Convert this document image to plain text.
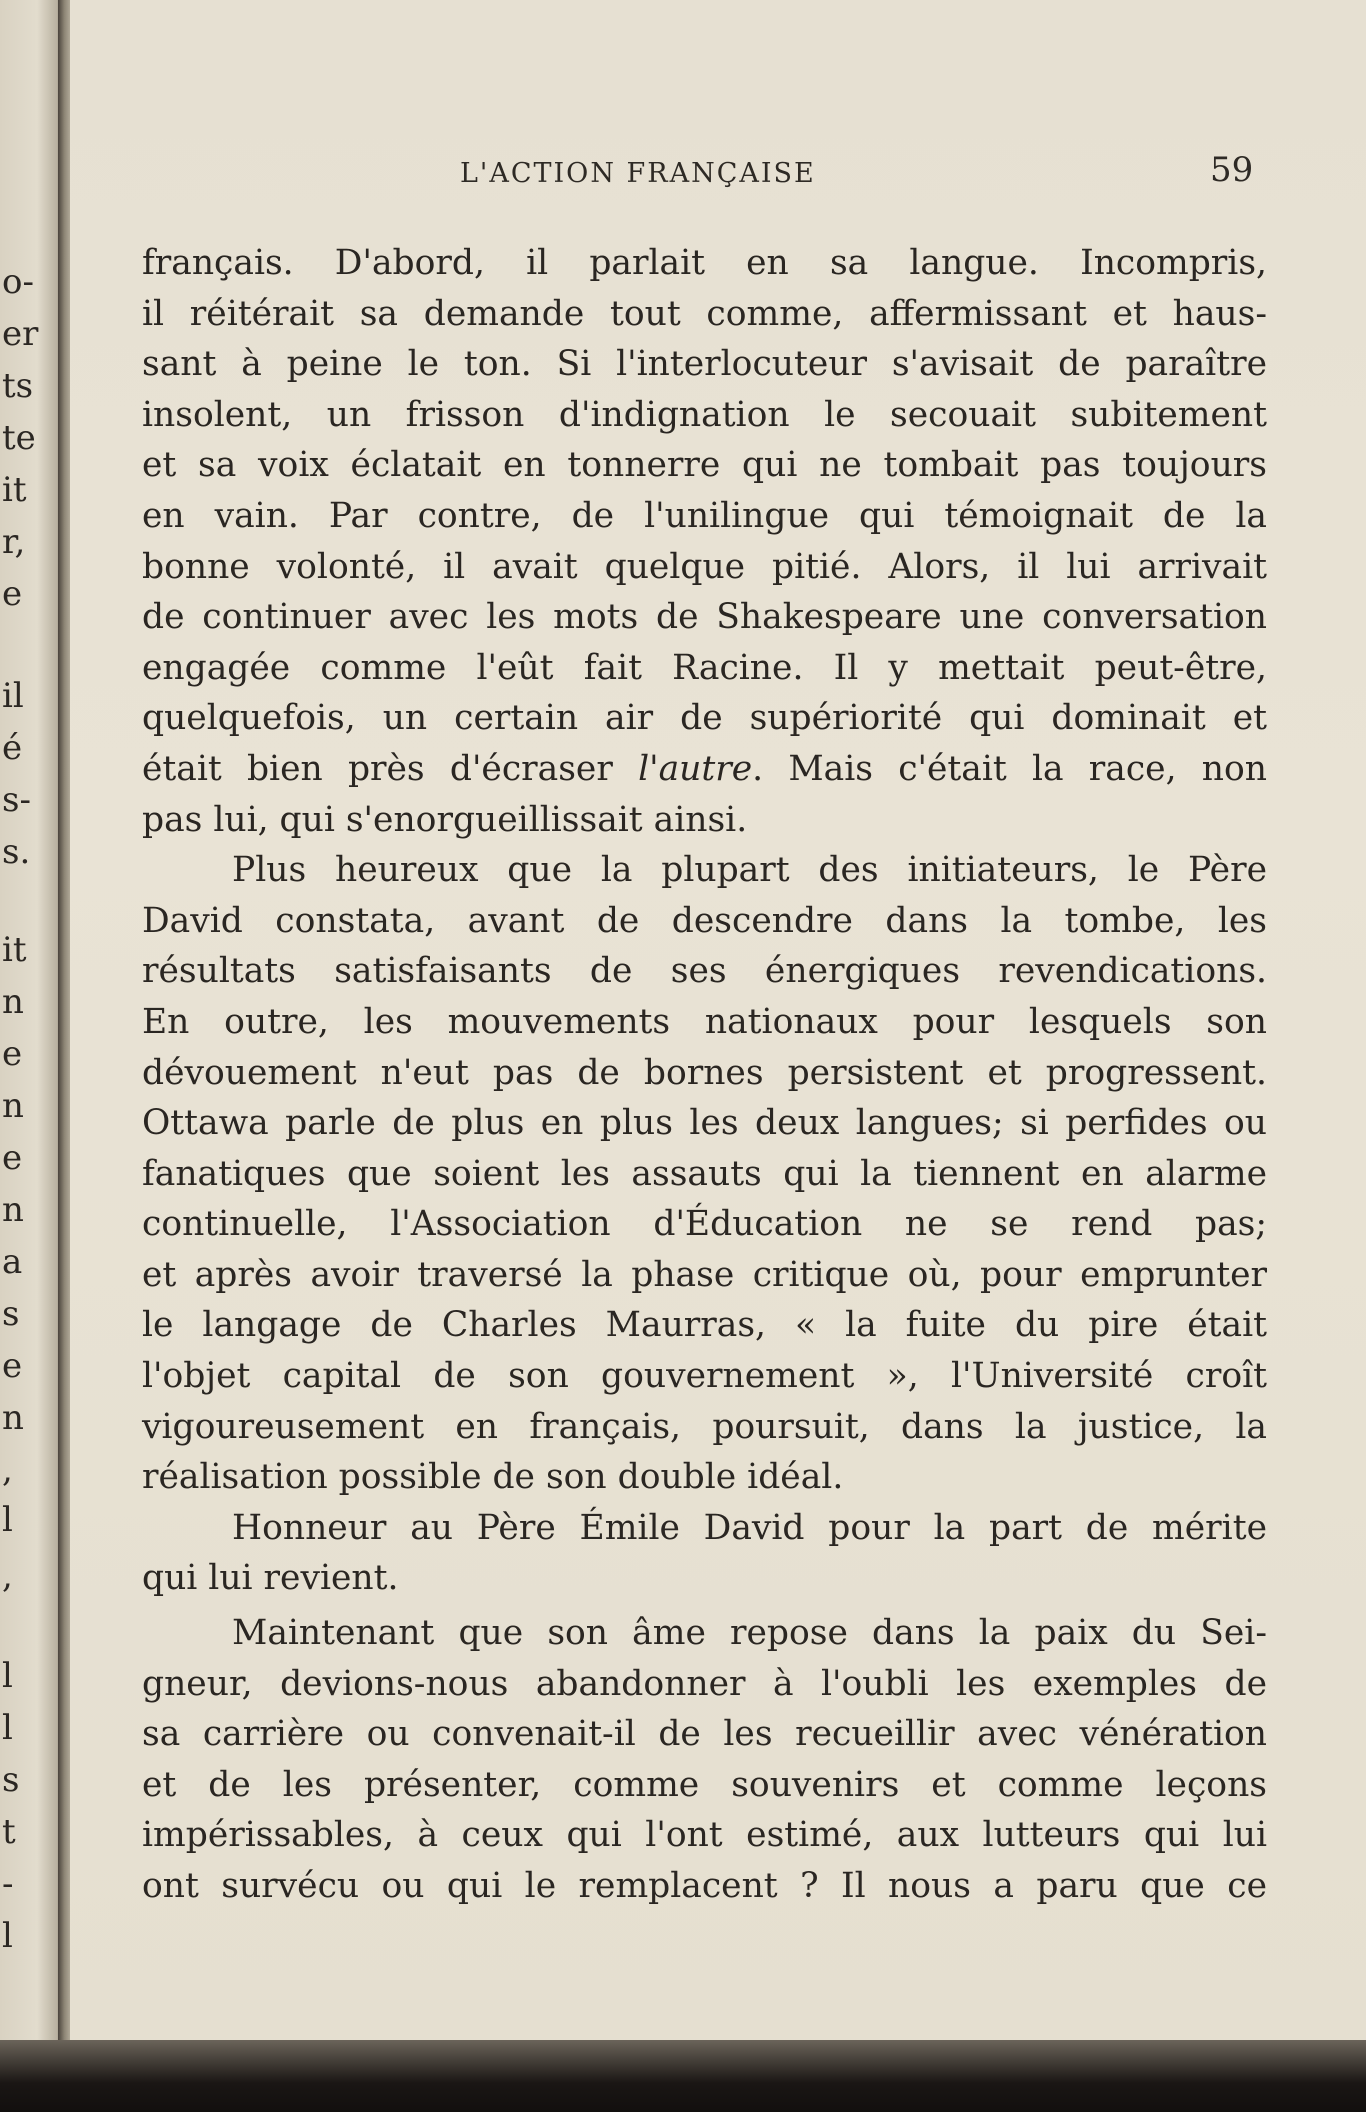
o-
er
ts
te
it
r,
e
il
é
s-
s.
it
n
e
n
e
n
a
s
e
n
,
l
,
l
l
s
t
-
l
L'ACTION FRANÇAISE	59
français. D'abord, il parlait en sa langue. Incompris,
il réitérait sa demande tout comme, affermissant et haus-
sant à peine le ton. Si l'interlocuteur s'avisait de paraître
insolent, un frisson d'indignation le secouait subitement
et sa voix éclatait en tonnerre qui ne tombait pas toujours
en vain. Par contre, de l'unilingue qui témoignait de la
bonne volonté, il avait quelque pitié. Alors, il lui arrivait
de continuer avec les mots de Shakespeare une conversation
engagée comme l'eût fait Racine. Il y mettait peut-être,
quelquefois, un certain air de supériorité qui dominait et
était bien près d'écraser l'autre. Mais c'était la race, non
pas lui, qui s'enorgueillissait ainsi.
Plus heureux que la plupart des initiateurs, le Père
David constata, avant de descendre dans la tombe, les
résultats satisfaisants de ses énergiques revendications.
En outre, les mouvements nationaux pour lesquels son
dévouement n'eut pas de bornes persistent et progressent.
Ottawa parle de plus en plus les deux langues; si perfides ou
fanatiques que soient les assauts qui la tiennent en alarme
continuelle, l'Association d'Éducation ne se rend pas;
et après avoir traversé la phase critique où, pour emprunter
le langage de Charles Maurras, « la fuite du pire était
l'objet capital de son gouvernement », l'Université croît
vigoureusement en français, poursuit, dans la justice, la
réalisation possible de son double idéal.
Honneur au Père Émile David pour la part de mérite
qui lui revient.
Maintenant que son âme repose dans la paix du Sei-
gneur, devions-nous abandonner à l'oubli les exemples de
sa carrière ou convenait-il de les recueillir avec vénération
et de les présenter, comme souvenirs et comme leçons
impérissables, à ceux qui l'ont estimé, aux lutteurs qui lui
ont survécu ou qui le remplacent ? Il nous a paru que ce
